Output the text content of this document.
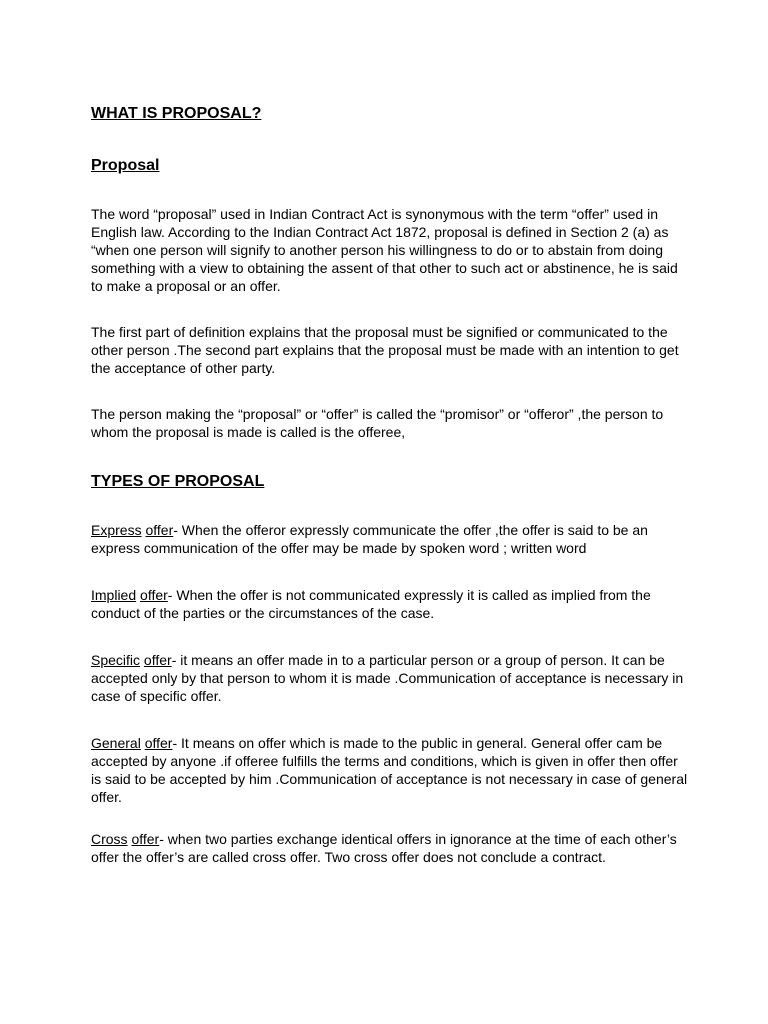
WHAT IS PROPOSAL?
Proposal

The word “proposal” used in Indian Contract Act is synonymous with the term “offer” used in English law. According to the Indian Contract Act 1872, proposal is defined in Section 2 (a) as “when one person will signify to another person his willingness to do or to abstain from doing something with a view to obtaining the assent of that other to such act or abstinence, he is said to make a proposal or an offer.

The first part of definition explains that the proposal must be signified or communicated to the other person .The second part explains that the proposal must be made with an intention to get the acceptance of other party.

The person making the “proposal” or “offer” is called the “promisor” or “offeror” ,the person to whom the proposal is made is called is the offeree,

TYPES OF PROPOSAL

Express offer- When the offeror expressly communicate the offer ,the offer is said to be an express communication of the offer may be made by spoken word ; written word

Implied offer- When the offer is not communicated expressly it is called as implied from the conduct of the parties or the circumstances of the case.

Specific offer- it means an offer made in to a particular person or a group of person. It can be accepted only by that person to whom it is made .Communication of acceptance is necessary in case of specific offer.

General offer- It means on offer which is made to the public in general. General offer cam be accepted by anyone .if offeree fulfills the terms and conditions, which is given in offer then offer is said to be accepted by him .Communication of acceptance is not necessary in case of general offer.

Cross offer- when two parties exchange identical offers in ignorance at the time of each other’s offer the offer’s are called cross offer. Two cross offer does not conclude a contract.
